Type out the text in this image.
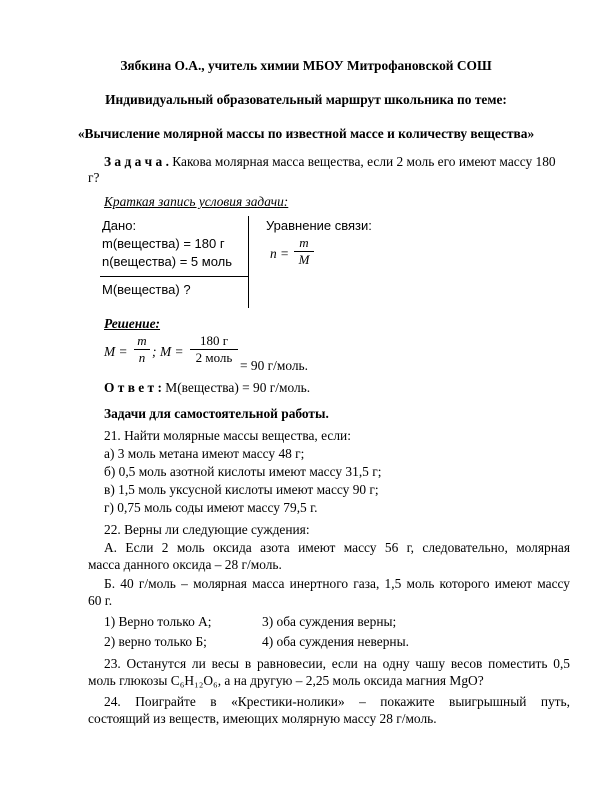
Зябкина О.А., учитель химии МБОУ Митрофановской СОШ
Индивидуальный образовательный маршрут школьника по теме:
«Вычисление молярной массы по известной массе и количеству вещества»
З а д а ч а . Какова молярная масса вещества, если 2 моль его имеют массу 180
г?
Краткая запись условия задачи:
Дано:
m(вещества) = 180 г
n(вещества) = 5 моль
M(вещества) ?
Уравнение связи:
n =
m
M
Решение:
M =
m
n ; M =
180 г
2 моль
= 90 г/моль.
О т в е т : M(вещества) = 90 г/моль.
Задачи для самостоятельной работы.
21. Найти молярные массы вещества, если:
а) 3 моль метана имеют массу 48 г;
б) 0,5 моль азотной кислоты имеют массу 31,5 г;
в) 1,5 моль уксусной кислоты имеют массу 90 г;
г) 0,75 моль соды имеют массу 79,5 г.
22. Верны ли следующие суждения:
А. Если 2 моль оксида азота имеют массу 56 г, следовательно, молярная
масса данного оксида – 28 г/моль.
Б. 40 г/моль – молярная масса инертного газа, 1,5 моль которого имеют массу
60 г.
1) Верно только А;	3) оба суждения верны;
2) верно только Б;	4) оба суждения неверны.
23. Останутся ли весы в равновесии, если на одну чашу весов поместить 0,5
моль глюкозы C₆H₁₂O₆, а на другую – 2,25 моль оксида магния MgO?
24. Поиграйте в «Крестики-нолики» – покажите выигрышный путь,
состоящий из веществ, имеющих молярную массу 28 г/моль.
